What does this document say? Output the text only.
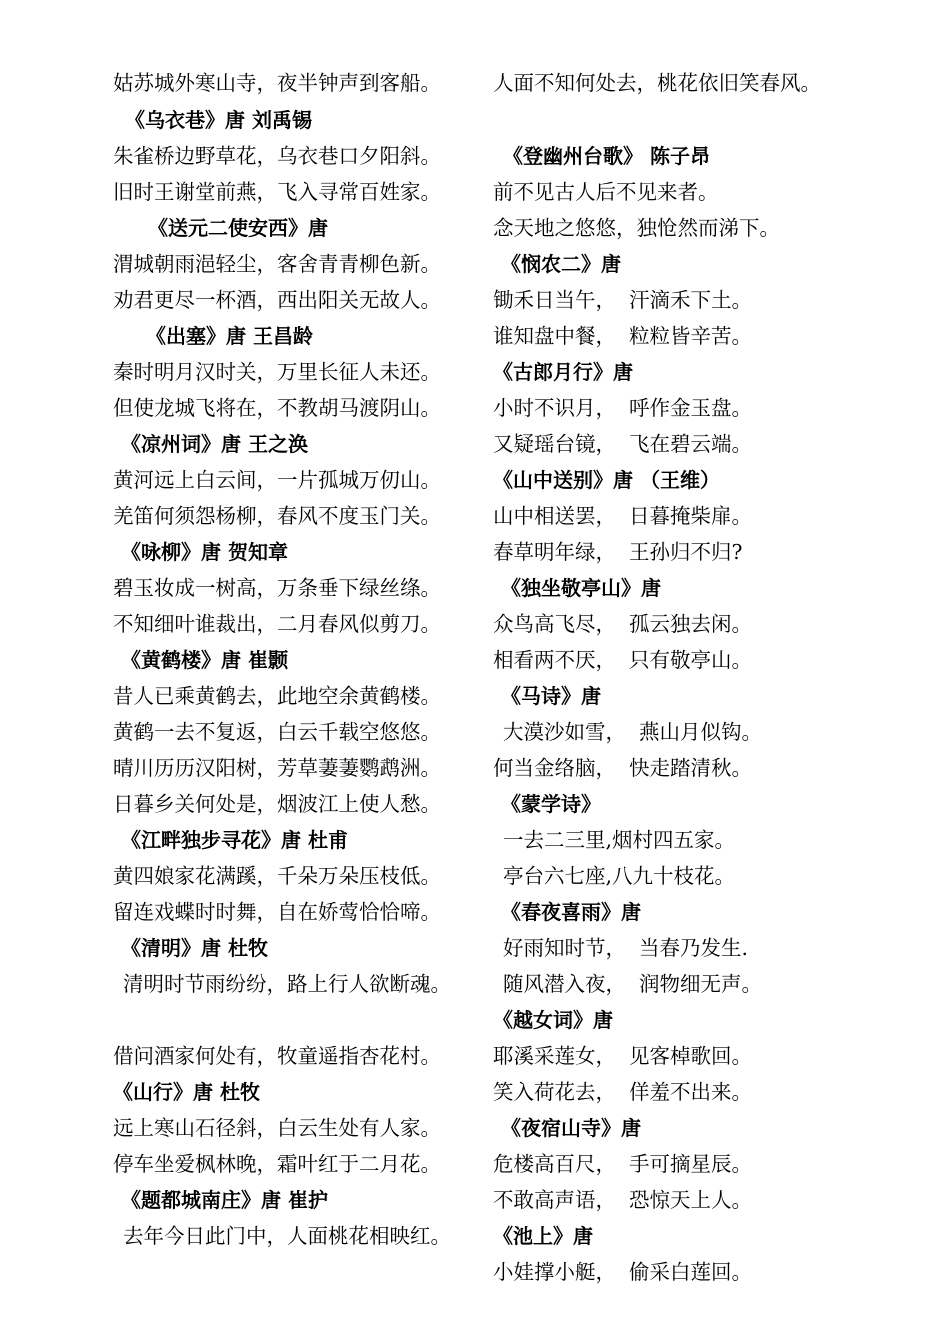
姑苏城外寒山寺，夜半钟声到客船。
《乌衣巷》唐 刘禹锡
朱雀桥边野草花，乌衣巷口夕阳斜。
旧时王谢堂前燕，飞入寻常百姓家。
《送元二使安西》唐
渭城朝雨浥轻尘，客舍青青柳色新。
劝君更尽一杯酒，西出阳关无故人。
《出塞》唐 王昌龄
秦时明月汉时关，万里长征人未还。
但使龙城飞将在，不教胡马渡阴山。
《凉州词》唐 王之涣
黄河远上白云间，一片孤城万仞山。
羌笛何须怨杨柳，春风不度玉门关。
《咏柳》唐 贺知章
碧玉妆成一树高，万条垂下绿丝绦。
不知细叶谁裁出，二月春风似剪刀。
《黄鹤楼》唐 崔颢
昔人已乘黄鹤去，此地空余黄鹤楼。
黄鹤一去不复返，白云千载空悠悠。
晴川历历汉阳树，芳草萋萋鹦鹉洲。
日暮乡关何处是，烟波江上使人愁。
《江畔独步寻花》唐 杜甫
黄四娘家花满蹊，千朵万朵压枝低。
留连戏蝶时时舞，自在娇莺恰恰啼。
《清明》唐 杜牧
清明时节雨纷纷，路上行人欲断魂。
借问酒家何处有，牧童遥指杏花村。
《山行》唐 杜牧
远上寒山石径斜，白云生处有人家。
停车坐爱枫林晚，霜叶红于二月花。
《题都城南庄》唐 崔护
去年今日此门中，人面桃花相映红。
人面不知何处去，桃花依旧笑春风。
《登幽州台歌》 陈子昂
前不见古人后不见来者。
念天地之悠悠，独怆然而涕下。
《悯农二》唐
锄禾日当午，  汗滴禾下土。
谁知盘中餐，  粒粒皆辛苦。
《古郎月行》唐
小时不识月，  呼作金玉盘。
又疑瑶台镜，  飞在碧云端。
《山中送别》唐 （王维）
山中相送罢，  日暮掩柴扉。
春草明年绿，  王孙归不归?
《独坐敬亭山》唐
众鸟高飞尽，  孤云独去闲。
相看两不厌，  只有敬亭山。
《马诗》唐
大漠沙如雪，  燕山月似钩。
何当金络脑，  快走踏清秋。
《蒙学诗》
一去二三里,烟村四五家。
亭台六七座,八九十枝花。
《春夜喜雨》唐
好雨知时节，  当春乃发生.
随风潜入夜，  润物细无声。
《越女词》唐
耶溪采莲女，  见客棹歌回。
笑入荷花去，  佯羞不出来。
《夜宿山寺》唐
危楼高百尺，  手可摘星辰。
不敢高声语，  恐惊天上人。
《池上》唐
小娃撑小艇，  偷采白莲回。
